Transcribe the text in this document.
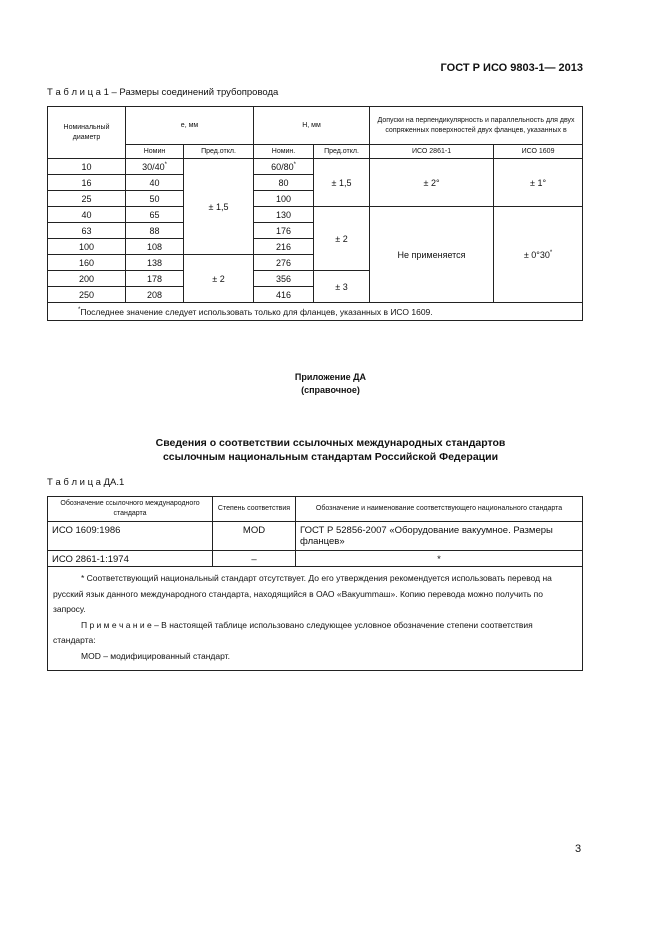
ГОСТ Р ИСО 9803-1— 2013
Т а б л и ц а 1 – Размеры соединений трубопровода
Номинальный диаметр	e, мм		H, мм		Допуски на перпендикулярность и параллельность для двух сопряженных поверхностей двух фланцев, указанных в	
	Номин	Пред.откл.	Номин.	Пред.откл.	ИСО 2861-1	ИСО 1609
10	30/40*	± 1,5	60/80*	± 1,5	± 2°	± 1°
16	40		80			
25	50		100			
40	65		130	± 2	Не применяется	± 0°30*
63	88		176			
100	108		216			
160	138	± 2	276			
200	178		356	± 3		
250	208		416			
*Последнее значение следует использовать только для фланцев, указанных в ИСО 1609.						
Приложение ДА
(справочное)
Сведения о соответствии ссылочных международных стандартов
ссылочным национальным стандартам Российской Федерации
Т а б л и ц а ДА.1
Обозначение ссылочного международного стандарта	Степень соответствия	Обозначение и наименование соответствующего национального стандарта
ИСО 1609:1986	MOD	ГОСТ Р 52856-2007 «Оборудование вакуумное. Размеры фланцев»
ИСО 2861-1:1974	–	*

* Соответствующий национальный стандарт отсутствует. До его утверждения рекомендуется использовать перевод на русский язык данного международного стандарта, находящийся в ОАО «Вакуummаш». Копию перевода можно получить по запросу.

П р и м е ч а н и е – В настоящей таблице использовано следующее условное обозначение степени соответствия стандарта:

MOD – модифицированный стандарт.		

3
